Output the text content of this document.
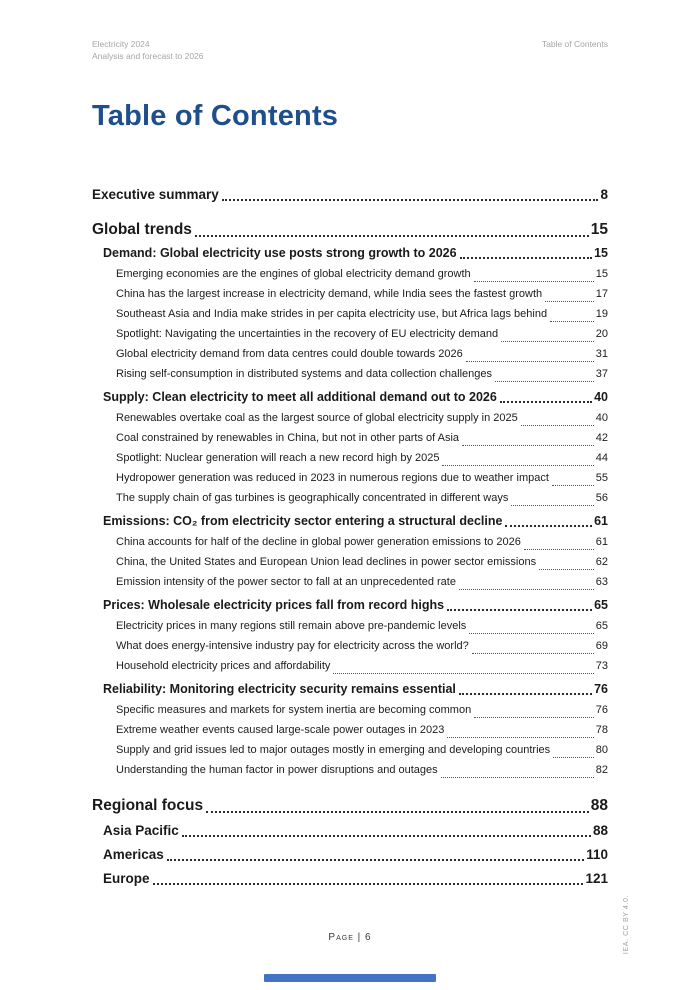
Electricity 2024
Analysis and forecast to 2026
Table of Contents
Table of Contents
Executive summary	8
Global trends	15
Demand: Global electricity use posts strong growth to 2026	15
Emerging economies are the engines of global electricity demand growth	15
China has the largest increase in electricity demand, while India sees the fastest growth	17
Southeast Asia and India make strides in per capita electricity use, but Africa lags behind	19
Spotlight: Navigating the uncertainties in the recovery of EU electricity demand	20
Global electricity demand from data centres could double towards 2026	31
Rising self-consumption in distributed systems and data collection challenges	37
Supply: Clean electricity to meet all additional demand out to 2026	40
Renewables overtake coal as the largest source of global electricity supply in 2025	40
Coal constrained by renewables in China, but not in other parts of Asia	42
Spotlight: Nuclear generation will reach a new record high by 2025	44
Hydropower generation was reduced in 2023 in numerous regions due to weather impact	55
The supply chain of gas turbines is geographically concentrated in different ways	56
Emissions: CO₂ from electricity sector entering a structural decline	61
China accounts for half of the decline in global power generation emissions to 2026	61
China, the United States and European Union lead declines in power sector emissions	62
Emission intensity of the power sector to fall at an unprecedented rate	63
Prices: Wholesale electricity prices fall from record highs	65
Electricity prices in many regions still remain above pre-pandemic levels	65
What does energy-intensive industry pay for electricity across the world?	69
Household electricity prices and affordability	73
Reliability: Monitoring electricity security remains essential	76
Specific measures and markets for system inertia are becoming common	76
Extreme weather events caused large-scale power outages in 2023	78
Supply and grid issues led to major outages mostly in emerging and developing countries	80
Understanding the human factor in power disruptions and outages	82
Regional focus	88
Asia Pacific	88
Americas	110
Europe	121
Page | 6	IEA. CC BY 4.0.
